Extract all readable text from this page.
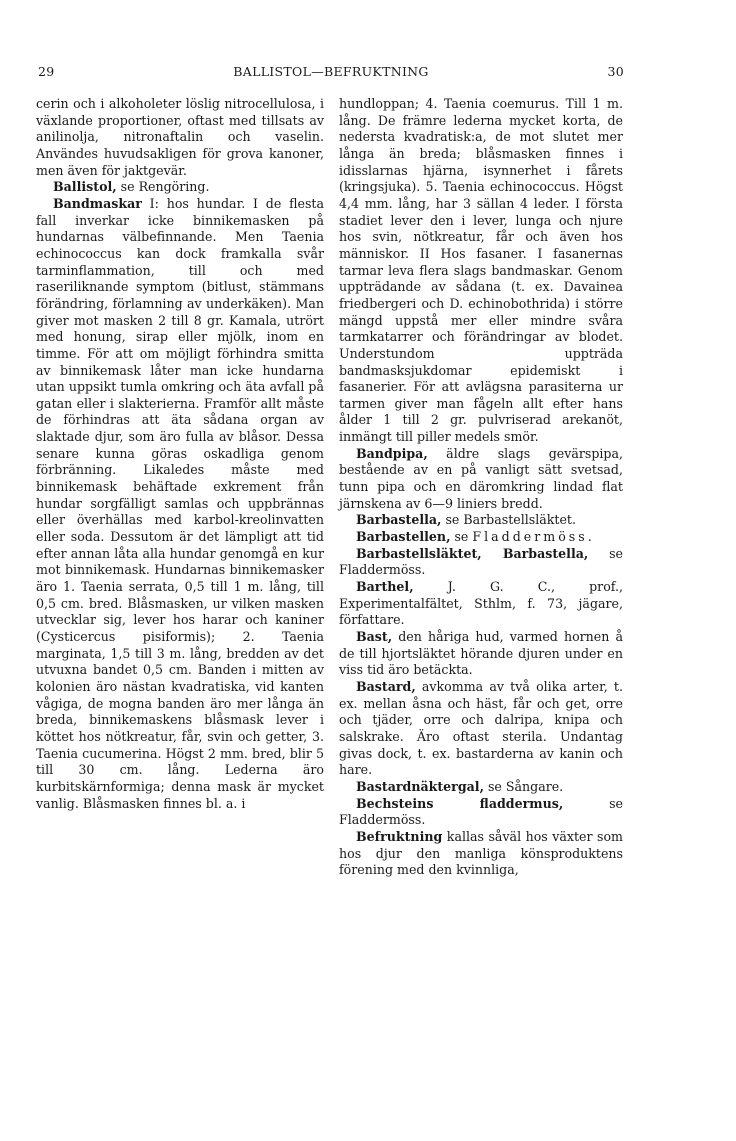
29	BALLISTOL—BEFRUKTNING	30

cerin och i alkoholeter löslig nitrocellulosa, i växlande proportioner, oftast med tillsats av anilinolja, nitronaftalin och vaselin. Användes huvudsakligen för grova kanoner, men även för jaktgevär.

Ballistol, se Rengöring.

Bandmaskar I: hos hundar. I de flesta fall inverkar icke binnikemasken på hundarnas välbefinnande. Men Taenia echinococcus kan dock framkalla svår tarminflammation, till och med raseriliknande symptom (bitlust, stämmans förändring, förlamning av underkäken). Man giver mot masken 2 till 8 gr. Kamala, utrört med honung, sirap eller mjölk, inom en timme. För att om möjligt förhindra smitta av binnikemask låter man icke hundarna utan uppsikt tumla omkring och äta avfall på gatan eller i slakterierna. Framför allt måste de förhindras att äta sådana organ av slaktade djur, som äro fulla av blåsor. Dessa senare kunna göras oskadliga genom förbränning. Likaledes måste med binnikemask behäftade exkrement från hundar sorgfälligt samlas och uppbrännas eller överhällas med karbol-kreolinvatten eller soda. Dessutom är det lämpligt att tid efter annan låta alla hundar genomgå en kur mot binnikemask. Hundarnas binnikemasker äro 1. Taenia serrata, 0,5 till 1 m. lång, till 0,5 cm. bred. Blåsmasken, ur vilken masken utvecklar sig, lever hos harar och kaniner (Cysticercus pisiformis); 2. Taenia marginata, 1,5 till 3 m. lång, bredden av det utvuxna bandet 0,5 cm. Banden i mitten av kolonien äro nästan kvadratiska, vid kanten vågiga, de mogna banden äro mer långa än breda, binnikemaskens blåsmask lever i köttet hos nötkreatur, får, svin och getter, 3. Taenia cucumerina. Högst 2 mm. bred, blir 5 till 30 cm. lång. Lederna äro kurbitskärnformiga; denna mask är mycket vanlig. Blåsmasken finnes bl. a. i

hundloppan; 4. Taenia coemurus. Till 1 m. lång. De främre lederna mycket korta, de nedersta kvadratisk:a, de mot slutet mer långa än breda; blåsmasken finnes i idisslarnas hjärna, isynnerhet i fårets (kringsjuka). 5. Taenia echinococcus. Högst 4,4 mm. lång, har 3 sällan 4 leder. I första stadiet lever den i lever, lunga och njure hos svin, nötkreatur, får och även hos människor. II Hos fasaner. I fasanernas tarmar leva flera slags bandmaskar. Genom uppträdande av sådana (t. ex. Davainea friedbergeri och D. echinobothrida) i större mängd uppstå mer eller mindre svåra tarmkatarrer och förändringar av blodet. Understundom uppträda bandmasksjukdomar epidemiskt i fasanerier. För att avlägsna parasiterna ur tarmen giver man fågeln allt efter hans ålder 1 till 2 gr. pulvriserad arekanöt, inmängt till piller medels smör.

Bandpipa, äldre slags gevärspipa, bestående av en på vanligt sätt svetsad, tunn pipa och en däromkring lindad flat järnskena av 6—9 liniers bredd.

Barbastella, se Barbastellsläktet.

Barbastellen, se Fladdermöss.

Barbastellsläktet, Barbastella, se Fladdermöss.

Barthel, J. G. C., prof., Experimentalfältet, Sthlm, f. 73, jägare, författare.

Bast, den håriga hud, varmed hornen å de till hjortsläktet hörande djuren under en viss tid äro betäckta.

Bastard, avkomma av två olika arter, t. ex. mellan åsna och häst, får och get, orre och tjäder, orre och dalripa, knipa och salskrake. Äro oftast sterila. Undantag givas dock, t. ex. bastarderna av kanin och hare.

Bastardnäktergal, se Sångare.

Bechsteins fladdermus, se Fladdermöss.

Befruktning kallas såväl hos växter som hos djur den manliga könsproduktens förening med den kvinnliga,
